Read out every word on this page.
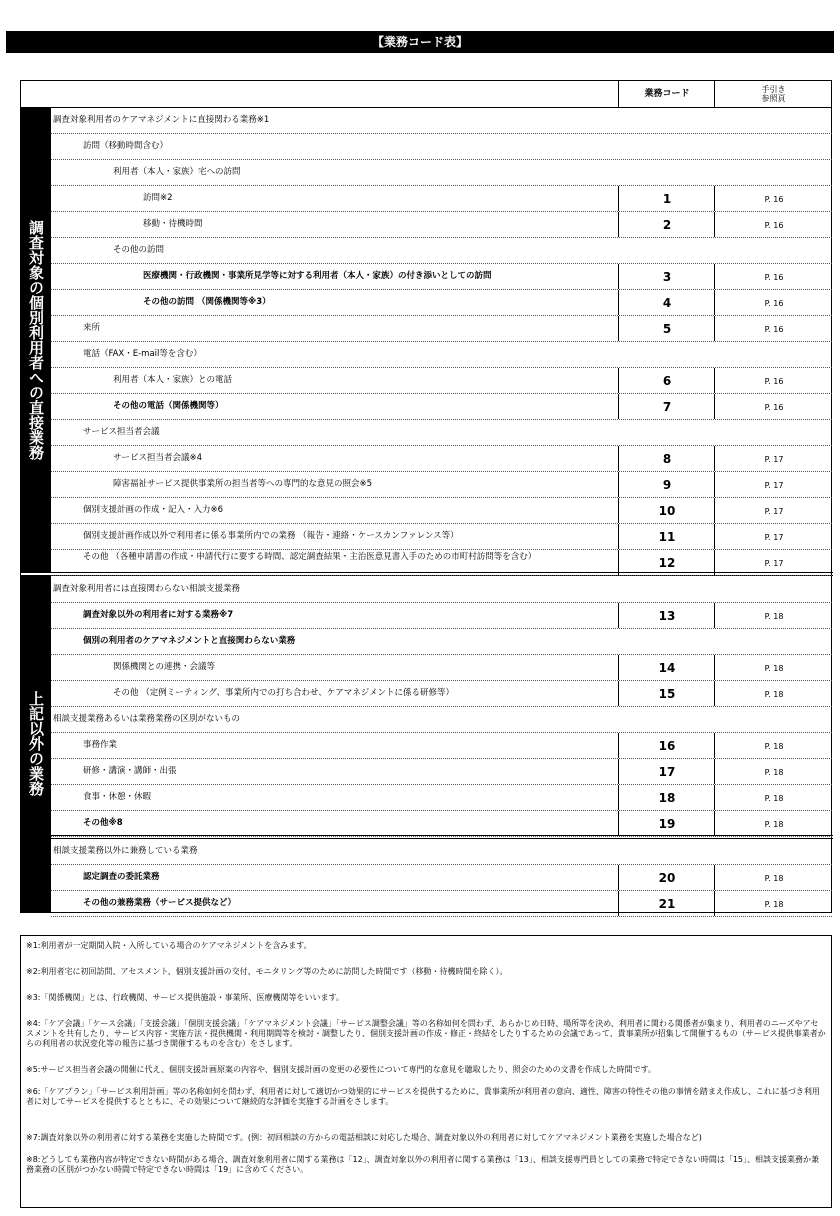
【業務コード表】
業務コード	手引き
参照頁
調査対象の個別利用者への直接業務
上記以外の業務
調査対象利用者のケアマネジメントに直接関わる業務※1
訪問（移動時間含む）
利用者（本人・家族）宅への訪問
訪問※2	1	P. 16
移動・待機時間	2	P. 16
その他の訪問
医療機関・行政機関・事業所見学等に対する利用者（本人・家族）の付き添いとしての訪問	3	P. 16
その他の訪問 （関係機関等※3）	4	P. 16
来所	5	P. 16
電話（FAX・E-mail等を含む）
利用者（本人・家族）との電話	6	P. 16
その他の電話（関係機関等）	7	P. 16
サービス担当者会議
サービス担当者会議※4	8	P. 17
障害福祉サービス提供事業所の担当者等への専門的な意見の照会※5	9	P. 17
個別支援計画の作成・記入・入力※6	10	P. 17
個別支援計画作成以外で利用者に係る事業所内での業務 （報告・連絡・ケースカンファレンス等）	11	P. 17
その他 （各種申請書の作成・申請代行に要する時間、認定調査結果・主治医意見書入手のための市町村訪問等を含む）	12	P. 17
調査対象利用者には直接関わらない相談支援業務
調査対象以外の利用者に対する業務※7	13	P. 18
個別の利用者のケアマネジメントと直接関わらない業務
関係機関との連携・会議等	14	P. 18
その他 （定例ミーティング、事業所内での打ち合わせ、ケアマネジメントに係る研修等）	15	P. 18
相談支援業務あるいは業務業務の区別がないもの
事務作業	16	P. 18
研修・講演・講師・出張	17	P. 18
食事・休憩・休暇	18	P. 18
その他※8	19	P. 18
相談支援業務以外に兼務している業務
認定調査の委託業務	20	P. 18
その他の兼務業務（サービス提供など）	21	P. 18
※1:利用者が一定期間入院・入所している場合のケアマネジメントを含みます。
※2:利用者宅に初回訪問、アセスメント、個別支援計画の交付、モニタリング等のために訪問した時間です（移動・待機時間を除く）。
※3:「関係機関」とは、行政機関、サービス提供施設・事業所、医療機関等をいいます。
※4:「ケア会議」「ケース会議」「支援会議」「個別支援会議」「ケアマネジメント会議」「サービス調整会議」等の名称如何を問わず、あらかじめ日時、場所等を決め、利用者に関わる関係者が集まり、利用者のニーズやアセスメントを共有したり、サービス内容・実施方法・提供機関・利用期間等を検討・調整したり、個別支援計画の作成・修正・終結をしたりするための会議であって、貴事業所が招集して開催するもの（サービス提供事業者からの利用者の状況変化等の報告に基づき開催するものを含む）をさします。
※5:サービス担当者会議の開催に代え、個別支援計画原案の内容や、個別支援計画の変更の必要性について専門的な意見を聴取したり、照会のための文書を作成した時間です。
※6:「ケアプラン」「サービス利用計画」等の名称如何を問わず、利用者に対して適切かつ効果的にサービスを提供するために、貴事業所が利用者の意向、適性、障害の特性その他の事情を踏まえ作成し、これに基づき利用者に対してサービスを提供するとともに、その効果について継続的な評価を実施する計画をさします。
※7:調査対象以外の利用者に対する業務を実施した時間です。(例：初回相談の方からの電話相談に対応した場合、調査対象以外の利用者に対してケアマネジメント業務を実施した場合など)
※8:どうしても業務内容が特定できない時間がある場合、調査対象利用者に関する業務は「12」、調査対象以外の利用者に関する業務は「13」、相談支援専門員としての業務で特定できない時間は「15」、相談支援業務か兼務業務の区別がつかない時間で特定できない時間は「19」に含めてください。
